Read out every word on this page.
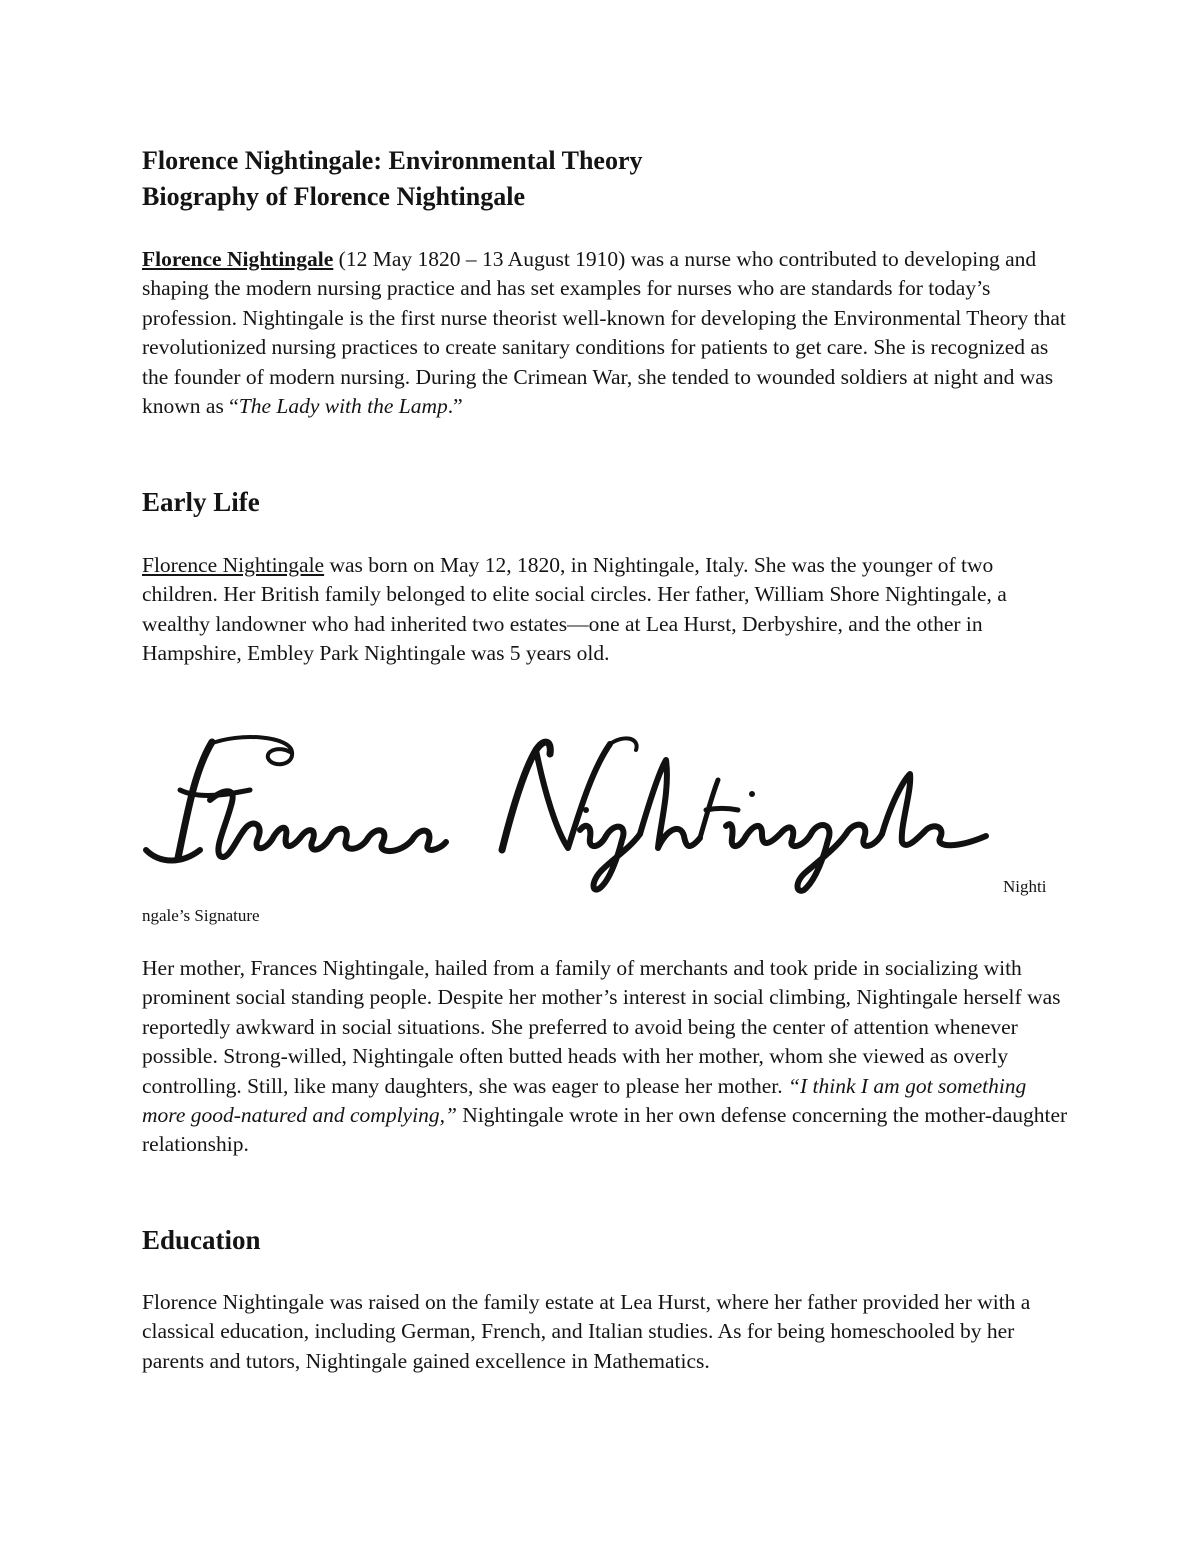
Florence Nightingale: Environmental Theory
Biography of Florence Nightingale
Florence Nightingale (12 May 1820 – 13 August 1910) was a nurse who contributed to developing and shaping the modern nursing practice and has set examples for nurses who are standards for today’s profession. Nightingale is the first nurse theorist well-known for developing the Environmental Theory that revolutionized nursing practices to create sanitary conditions for patients to get care. She is recognized as the founder of modern nursing. During the Crimean War, she tended to wounded soldiers at night and was known as “The Lady with the Lamp.”
Early Life
Florence Nightingale was born on May 12, 1820, in Nightingale, Italy. She was the younger of two children. Her British family belonged to elite social circles. Her father, William Shore Nightingale, a wealthy landowner who had inherited two estates—one at Lea Hurst, Derbyshire, and the other in Hampshire, Embley Park Nightingale was 5 years old.
Nighti
ngale’s Signature
Her mother, Frances Nightingale, hailed from a family of merchants and took pride in socializing with prominent social standing people. Despite her mother’s interest in social climbing, Nightingale herself was reportedly awkward in social situations. She preferred to avoid being the center of attention whenever possible. Strong-willed, Nightingale often butted heads with her mother, whom she viewed as overly controlling. Still, like many daughters, she was eager to please her mother. “I think I am got something more good-natured and complying,” Nightingale wrote in her own defense concerning the mother-daughter relationship.
Education
Florence Nightingale was raised on the family estate at Lea Hurst, where her father provided her with a classical education, including German, French, and Italian studies. As for being homeschooled by her parents and tutors, Nightingale gained excellence in Mathematics.
